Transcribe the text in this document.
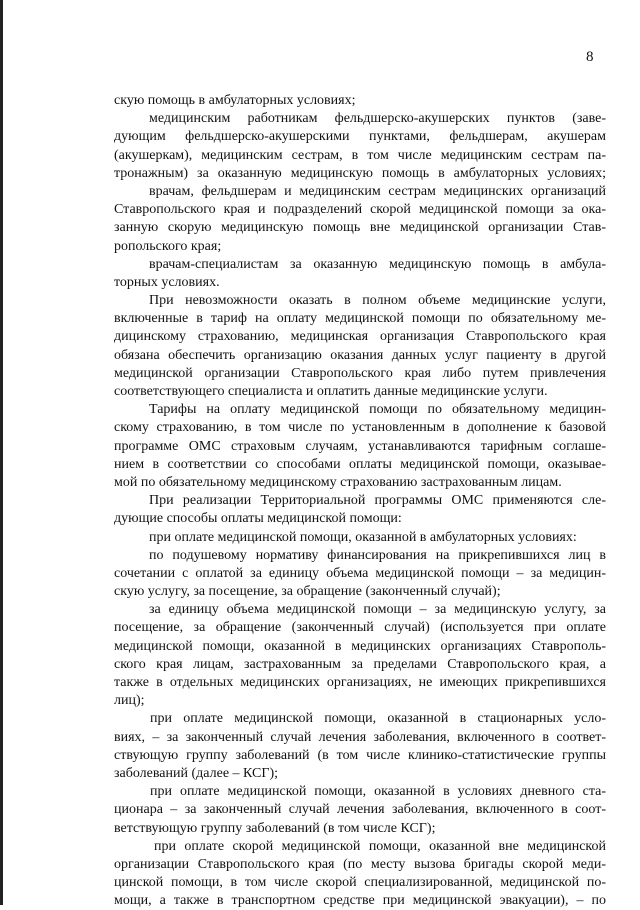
8
скую помощь в амбулаторных условиях;
медицинским работникам фельдшерско-акушерских пунктов (заве-
дующим фельдшерско-акушерскими пунктами, фельдшерам, акушерам
(акушеркам), медицинским сестрам, в том числе медицинским сестрам па-
тронажным) за оказанную медицинскую помощь в амбулаторных условиях;
врачам, фельдшерам и медицинским сестрам медицинских организаций
Ставропольского края и подразделений скорой медицинской помощи за ока-
занную скорую медицинскую помощь вне медицинской организации Став-
ропольского края;
врачам-специалистам за оказанную медицинскую помощь в амбула-
торных условиях.
При невозможности оказать в полном объеме медицинские услуги,
включенные в тариф на оплату медицинской помощи по обязательному ме-
дицинскому страхованию, медицинская организация Ставропольского края
обязана обеспечить организацию оказания данных услуг пациенту в другой
медицинской организации Ставропольского края либо путем привлечения
соответствующего специалиста и оплатить данные медицинские услуги.
Тарифы на оплату медицинской помощи по обязательному медицин-
скому страхованию, в том числе по установленным в дополнение к базовой
программе ОМС страховым случаям, устанавливаются тарифным соглаше-
нием в соответствии со способами оплаты медицинской помощи, оказывае-
мой по обязательному медицинскому страхованию застрахованным лицам.
При реализации Территориальной программы ОМС применяются сле-
дующие способы оплаты медицинской помощи:
при оплате медицинской помощи, оказанной в амбулаторных условиях:
по подушевому нормативу финансирования на прикрепившихся лиц в
сочетании с оплатой за единицу объема медицинской помощи – за медицин-
скую услугу, за посещение, за обращение (законченный случай);
за единицу объема медицинской помощи – за медицинскую услугу, за
посещение, за обращение (законченный случай) (используется при оплате
медицинской помощи, оказанной в медицинских организациях Ставрополь-
ского края лицам, застрахованным за пределами Ставропольского края, а
также в отдельных медицинских организациях, не имеющих прикрепившихся
лиц);
при оплате медицинской помощи, оказанной в стационарных усло-
виях, – за законченный случай лечения заболевания, включенного в соответ-
ствующую группу заболеваний (в том числе клинико-статистические группы
заболеваний (далее – КСГ);
при оплате медицинской помощи, оказанной в условиях дневного ста-
ционара – за законченный случай лечения заболевания, включенного в соот-
ветствующую группу заболеваний (в том числе КСГ);
при оплате скорой медицинской помощи, оказанной вне медицинской
организации Ставропольского края (по месту вызова бригады скорой меди-
цинской помощи, в том числе скорой специализированной, медицинской по-
мощи, а также в транспортном средстве при медицинской эвакуации), – по
